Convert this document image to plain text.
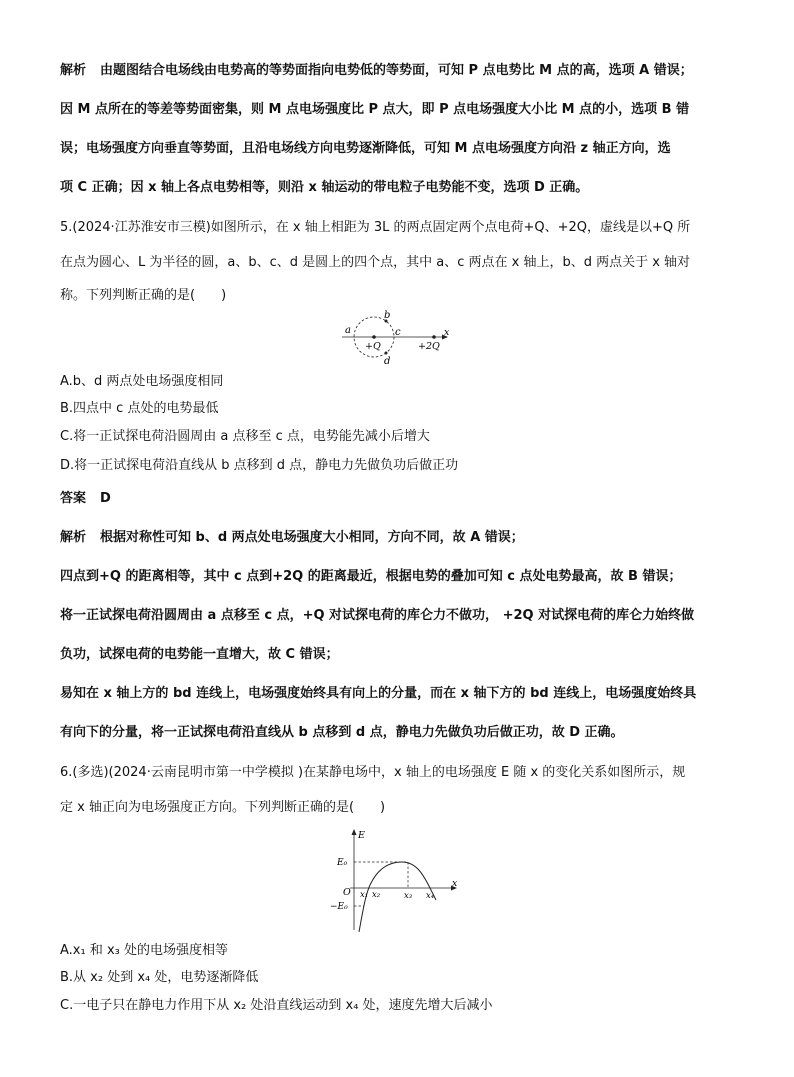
解析 由题图结合电场线由电势高的等势面指向电势低的等势面，可知 P 点电势比 M 点的高，选项 A 错误；
因 M 点所在的等差等势面密集，则 M 点电场强度比 P 点大，即 P 点电场强度大小比 M 点的小，选项 B 错
误；电场强度方向垂直等势面，且沿电场线方向电势逐渐降低，可知 M 点电场强度方向沿 z 轴正方向，选
项 C 正确；因 x 轴上各点电势相等，则沿 x 轴运动的带电粒子电势能不变，选项 D 正确。
5.(2024·江苏淮安市三模)如图所示，在 x 轴上相距为 3L 的两点固定两个点电荷+Q、+2Q，虚线是以+Q 所
在点为圆心、L 为半径的圆，a、b、c、d 是圆上的四个点，其中 a、c 两点在 x 轴上，b、d 两点关于 x 轴对
称。下列判断正确的是(　　)
a
b
c
d
+Q	+2Q
x
A.b、d 两点处电场强度相同
B.四点中 c 点处的电势最低
C.将一正试探电荷沿圆周由 a 点移至 c 点，电势能先减小后增大
D.将一正试探电荷沿直线从 b 点移到 d 点，静电力先做负功后做正功
答案 D
解析 根据对称性可知 b、d 两点处电场强度大小相同，方向不同，故 A 错误；
四点到+Q 的距离相等，其中 c 点到+2Q 的距离最近，根据电势的叠加可知 c 点处电势最高，故 B 错误；
将一正试探电荷沿圆周由 a 点移至 c 点，+Q 对试探电荷的库仑力不做功， +2Q 对试探电荷的库仑力始终做
负功，试探电荷的电势能一直增大，故 C 错误；
易知在 x 轴上方的 bd 连线上，电场强度始终具有向上的分量，而在 x 轴下方的 bd 连线上，电场强度始终具
有向下的分量，将一正试探电荷沿直线从 b 点移到 d 点，静电力先做负功后做正功，故 D 正确。
6.(多选)(2024·云南昆明市第一中学模拟 )在某静电场中，x 轴上的电场强度 E 随 x 的变化关系如图所示，规
定 x 轴正向为电场强度正方向。下列判断正确的是(　　)
E
E₀
−E₀
O x₁ x₂	x₃ x₄
x
A.x₁ 和 x₃ 处的电场强度相等
B.从 x₂ 处到 x₄ 处，电势逐渐降低
C.一电子只在静电力作用下从 x₂ 处沿直线运动到 x₄ 处，速度先增大后减小
